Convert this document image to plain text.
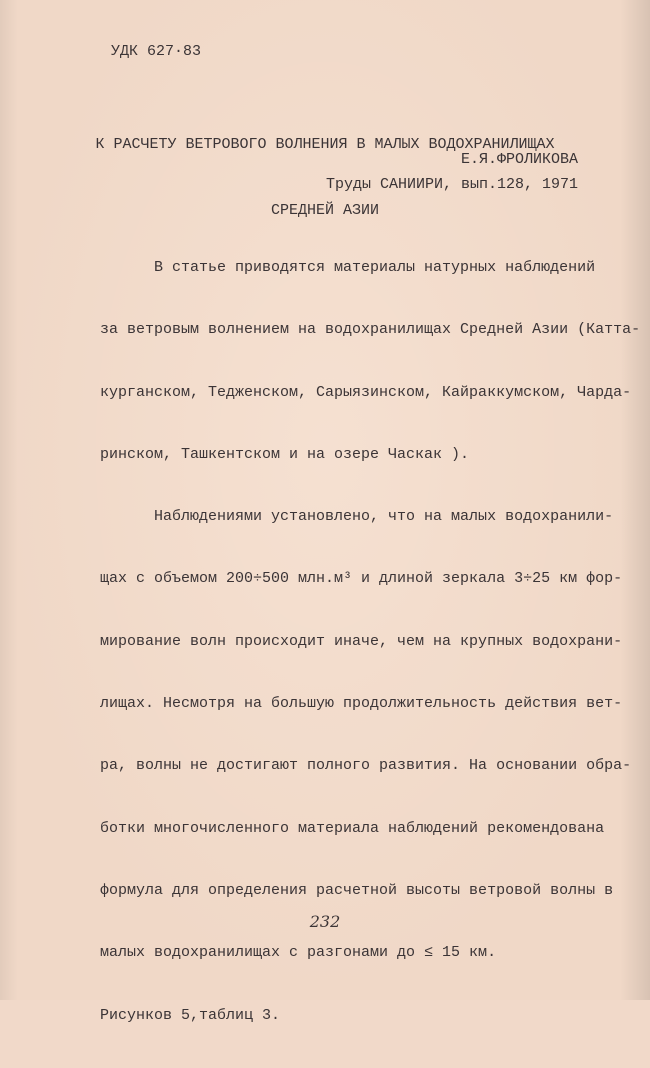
УДК 627·83

К РАСЧЕТУ ВЕТРОВОГО ВОЛНЕНИЯ В МАЛЫХ ВОДОХРАНИЛИЩАХ

СРЕДНЕЙ АЗИИ

Е.Я.ФРОЛИКОВА
Труды САНИИРИ, вып.128, 1971

В статье приводятся материалы натурных наблюдений

за ветровым волнением на водохранилищах Средней Азии (Катта-

курганском, Тедженском, Сарыязинском, Кайраккумском, Чарда-

ринском, Ташкентском и на озере Часкак ).

Наблюдениями установлено, что на малых водохранили-

щах с объемом 200÷500 млн.м³ и длиной зеркала 3÷25 км фор-

мирование волн происходит иначе, чем на крупных водохрани-

лищах. Несмотря на большую продолжительность действия вет-

ра, волны не достигают полного развития. На основании обра-

ботки многочисленного материала наблюдений рекомендована

формула для определения расчетной высоты ветровой волны в

малых водохранилищах с разгонами до ≤ 15 км.

Рисунков 5,таблиц 3.

232
